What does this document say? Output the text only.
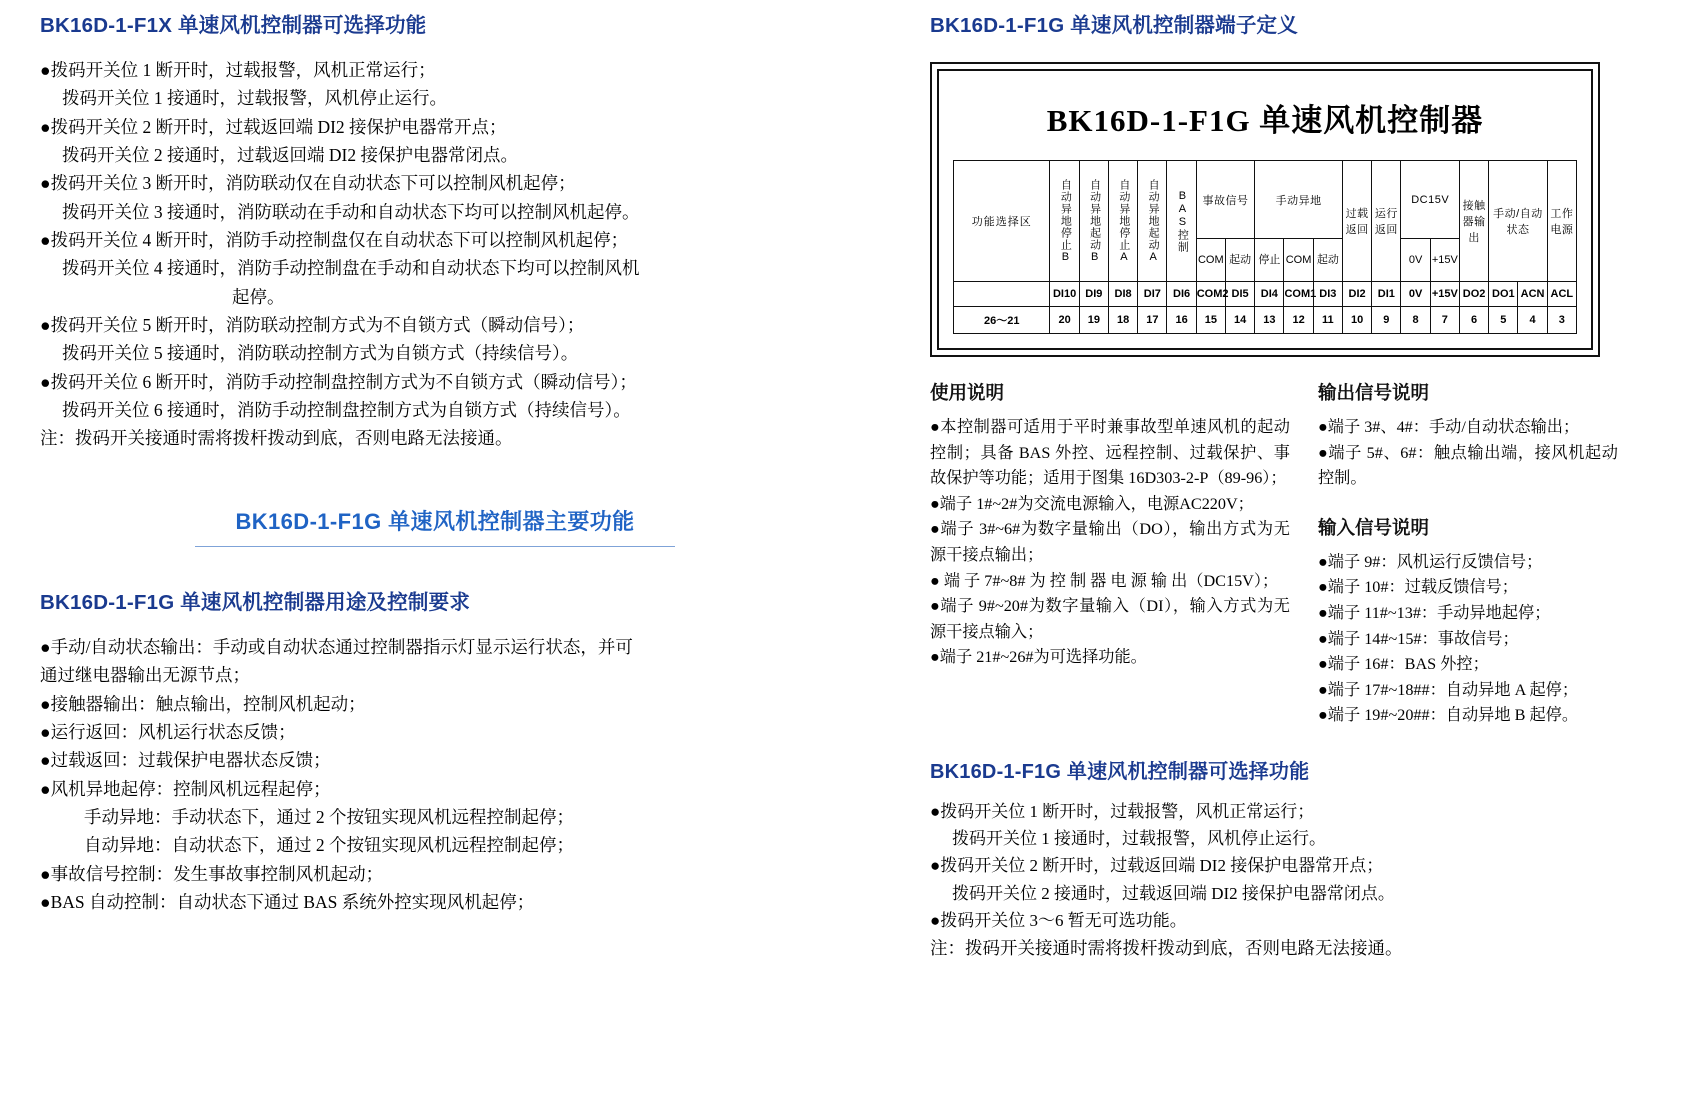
BK16D-1-F1X 单速风机控制器可选择功能
●拨码开关位 1 断开时，过载报警，风机正常运行；
拨码开关位 1 接通时，过载报警，风机停止运行。
●拨码开关位 2 断开时，过载返回端 DI2 接保护电器常开点；
拨码开关位 2 接通时，过载返回端 DI2 接保护电器常闭点。
●拨码开关位 3 断开时，消防联动仅在自动状态下可以控制风机起停；
拨码开关位 3 接通时，消防联动在手动和自动状态下均可以控制风机起停。
●拨码开关位 4 断开时，消防手动控制盘仅在自动状态下可以控制风机起停；
拨码开关位 4 接通时，消防手动控制盘在手动和自动状态下均可以控制风机
起停。
●拨码开关位 5 断开时，消防联动控制方式为不自锁方式（瞬动信号）；
拨码开关位 5 接通时，消防联动控制方式为自锁方式（持续信号）。
●拨码开关位 6 断开时，消防手动控制盘控制方式为不自锁方式（瞬动信号）；
拨码开关位 6 接通时，消防手动控制盘控制方式为自锁方式（持续信号）。
注：拨码开关接通时需将拨杆拨动到底，否则电路无法接通。
BK16D-1-F1G 单速风机控制器主要功能
BK16D-1-F1G 单速风机控制器用途及控制要求
●手动/自动状态输出：手动或自动状态通过控制器指示灯显示运行状态，并可
通过继电器输出无源节点；
●接触器输出：触点输出，控制风机起动；
●运行返回：风机运行状态反馈；
●过载返回：过载保护电器状态反馈；
●风机异地起停：控制风机远程起停；
手动异地：手动状态下，通过 2 个按钮实现风机远程控制起停；
自动异地：自动状态下，通过 2 个按钮实现风机远程控制起停；
●事故信号控制：发生事故事控制风机起动；
●BAS 自动控制：自动状态下通过 BAS 系统外控实现风机起停；
BK16D-1-F1G 单速风机控制器端子定义
BK16D-1-F1G 单速风机控制器
功能选择区	自动异地停止B	自动异地起动B	自动异地停止A	自动异地起动A	BAS控制	事故信号		手动异地			过载返回	运行返回	DC15V		接触器输出	手动/自动状态		工作电源
						COM	起动	停止	COM	起动			0V	+15V				
	DI10	DI9	DI8	DI7	DI6	COM2	DI5	DI4	COM1	DI3	DI2	DI1	0V	+15V	DO2	DO1	ACN	ACL
26～21	20	19	18	17	16	15	14	13	12	11	10	9	8	7	6	5	4	3
使用说明
●本控制器可适用于平时兼事故型单速风机的起动控制；具备 BAS 外控、远程控制、过载保护、事故保护等功能；适用于图集 16D303-2-P（89-96）；
●端子 1#~2#为交流电源输入，电源AC220V；
●端子 3#~6#为数字量输出（DO），输出方式为无源干接点输出；
● 端 子 7#~8# 为 控 制 器 电 源 输 出（DC15V）；
●端子 9#~20#为数字量输入（DI），输入方式为无源干接点输入；
●端子 21#~26#为可选择功能。
输出信号说明
●端子 3#、4#：手动/自动状态输出；
●端子 5#、6#：触点输出端，接风机起动控制。
输入信号说明
●端子 9#：风机运行反馈信号；
●端子 10#：过载反馈信号；
●端子 11#~13#：手动异地起停；
●端子 14#~15#：事故信号；
●端子 16#：BAS 外控；
●端子 17#~18##：自动异地 A 起停；
●端子 19#~20##：自动异地 B 起停。
BK16D-1-F1G 单速风机控制器可选择功能
●拨码开关位 1 断开时，过载报警，风机正常运行；
拨码开关位 1 接通时，过载报警，风机停止运行。
●拨码开关位 2 断开时，过载返回端 DI2 接保护电器常开点；
拨码开关位 2 接通时，过载返回端 DI2 接保护电器常闭点。
●拨码开关位 3～6 暂无可选功能。
注：拨码开关接通时需将拨杆拨动到底，否则电路无法接通。
